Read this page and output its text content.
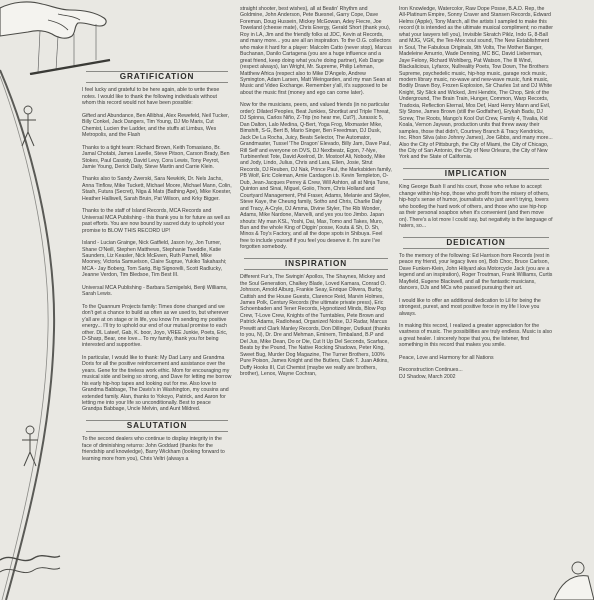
GRATIFICATION

I feel lucky and grateful to be here again, able to write these notes. I would like to thank the following individuals without whom this record would not have been possible:

Gifted and Abundance, Ben Allibhai, Alex Rewefeld, Neil Tucker, Billy Conkel, Jack Dangers, Tim Young, DJ Mo Maris, Cut Chemist, Lucien the Ladder, and the stuffs at Limbus, Wes Metropolis, and the Flash

Thanks to a tight team: Richard Brown, Keith Tomasiano, Br. Jamal Chotabi, James Lavelle, Steve Pitson, Carson Brady, Ben Stokes, Paul Cassidy, David Levy, Cora Lewis, Tony Peyrot, Jamie Young, Derick Daily, Steve Martin and Carrie Klein.

Thanks also to Sandy Zwerski, Sara Newkirk, Dr. Nels Jachs, Anna Tinflow, Mike Tuckett, Michael Moore, Michael Mann, Colin, Stash, Futura (Secret), Niga & Mats (Bathing Ape), Mike Koester, Heather Halliwell, Sarah Bruin, Pat Wilson, and Krky Bigger.

Thanks to the staff of Island Records, MCA Records and Universal MCA Publishing - this thank you is for future as well as past efforts. You are now bound by sacred duty to uphold your promise to BLOW THIS RECORD UP!

Island - Lucian Grainge, Nick Gatfield, Jason Ivy, Jon Turner, Shane O'Neill, Stephen Matthews, Stephanie Tweddle, Katie Saunders, Liz Keasler, Nick McEwen, Ruth Pamell, Mike Mooney, Victoria Samuelson, Claire Sugrue, Yukiko Takahashi; MCA - Jay Boberg, Tom Sarig, Big Signorelli, Scott Radlucky, Jeanne Verdon, Tim Bledsoe, Tim Best III.

Universal MCA Publishing - Barbara Szmigelski, Benji Williams, Sarah Lewis.

To the Quannum Projects family: Times done changed and we don't get a chance to build as often as we used to, but wherever y'all are at on stage or in life, you know I'm sending my positive energy... I'll try to uphold our end of our mutual promise to each other. DL Lateef, Gab, K. boor, Joyo, VREE Junkie, Poets, Eric, D-Sharp, Bear, one love... To my family, thank you for being interested and supportive.

In particular, I would like to thank: My Dad Larry and Grandma Doris for all the positive reinforcement and assistance over the years. Gene for the tireless work ethic. Mom for encouraging my musical side and being so strong, and Dave for letting me borrow his early hip-hop tapes and looking out for me. Also love to Grandma Babbage, The Davis's in Washington, my cousins and extended family. Alan, thanks to Yokoyo, Patrick, and Aaron for letting me into your life so unconditionally. Best to peace Grandpa Babbage, Uncle Melvin, and Aunt Mildred.

SALUTATION

To the second dealers who continue to display integrity in the face of diminishing returns: John Goddard (thanks for the friendship and knowledge), Barry Wickham (looking forward to learning more from you), Chris Veltri (always a

straight shooter, best wishes), all at Beatin' Rhythm and Goldmine, John Anderson, Pete Buesnel, Garry Cope, Dave Foreman, Doug Hussein, Mickey McGowan, Adey Fiecre, Joe Toweland (cheese mate), Chris Energy, Gerald Short (thank you), Roy in LA, Jim and the friendly folks at JDC, Kevin at Records, and many more... you are all an inspiration. To the O.G. collectors who make it hard for a player: Malcolm Catto (never stop), Marcus Buchanan, Danilo Cartagena (you are a huge influence and a great friend, keep doing what you're doing partner), Keb Darge (respect always), Ian Wright, Mr. Supreme, Philip Lehman, Matthew Africa (respect also to Mike D'Angelo, Andrew Symington, Adam Larsen, Matt Weingarden, and my man Sean at Music and Video Exchange. Remember y'all, it's supposed to be about the music first (money and ego can come later).

Now for the musicians, peers, and valued friends (in no particular order): Dilated Peoples, Beat Junkies, Shortkut and Triple Threat, DJ Spinna, Carlos Niño, Z-Trip (no hear me, Cut?), Jurassic 5, Dan Dalton, Lalo Medina, Q-Bert, Yoga Frog, Mixmaster Mike, Bimshift, S-G, Bert B, Mario Singer, Ben Freedman, DJ Dusk, Jack De La Rocha, Juicy, Beats Selector, The Automator, Grandmaster, Tussel 'The Dragon' Elevado, Billy Jam, Dave Paul, Rill Self and everyone on DVS, DJ Nextbeatz, Egon, 7-Nye, Turbinenfest Tote, David Axelrod, Dr. Mostoof Ali, Nobody, Mike and Jody, Lindo, Julius, Chris and Lara, Ellen, Josie, Strut Records, DJ Reuben, DJ Nak, Prince Paul, the Marksbiden family, PB Wolf, Eric Coleman, Arnie Cardagon i.b. Kevin Templeton, O-Dub, Jean-Jacques Perrey & Crew, Will Ashton, all at Ninja Tune, Quinton and Sinai, Miguel, Goiio, Thom, Chris Holland and Courtyard Management, Phil Fraser, Adams, Melanie and Skylee, Steve Kaye, the Cheung family, Sotho and Chris, Charlie Daly and Tracy, A-Cryle, DJ Amma, Divine Styler, The Rib Wonder, Adams, Mike Nardone, Marvelli, and yes you too Jimbo. Japan shouts: My man KSL, Yoshi, Dai, Max, Tomo and Takes, Muro, Bun and the whole King of Diggin' posse, Kouta & Sh, D. Sh, Minos & Toy's Factory, and all the dope spots in Shibuya. Feel free to include yourself if you feel you deserve it. I'm sure I've forgotten somebody.

INSPIRATION

Different Fur's, The Swingin' Apollos, The Shaynes, Mickey and the Soul Generation, Chalkey Blade, Loved Kamara, Conrad O. Johnson, Arnold Alburg, Frankie Seay, Enrique Olivera, Burby, Cattish and the House Guests, Clarence Reid, Marvin Holmes, James Polk, Century Records (the ultimate private press), Eric Schoenbaden and Tener Records, Hypnotized Minds, Blow Pop Crew, T-Love Crew, Knights of the Turntables, Pete Brown and Patrick Adams, Radiohead, Organized Noise, DJ Radar, Marcus Prewitt and Clark Manley Records, Don Dillinger, Outkast (thanks to you, N), Dr. Dre and Mehman, Eminem, Timbaland, B.P and Del Jus, Mike Dean, Do or Die, Cut It Up Del Seconds, Scarface, Beats by the Pound, The Native Rocking Shadows, Peter King, Sweet Bug, Murder Dog Magazine, The Turner Brothers, 100% Pure Poison, James Knight and the Butlers, Clark T. Juan Atkins, Duffy Hooks III, Cut Chemist (maybe we really are brothers, brother), Lenox, Wayne Cochran,

Iron Knowledge, Watercolor, Raw Dope Posse, B.A.D. Rep, the All-Platinum Empire, Sonny Craver and Stansen Records, Edward Helms (Apple), Tony March, all the artists I sampled to make this record (it is intended as the ultimate musical compliment; no matter what your lawyers tell you), Invisible Skratch Piklz, Indo G, 8-Ball and MJG, VGK, the Tex-Mex soul sound, The New Establishment in Soul, The Fabulous Originals, 9th Volts, The Mother Banger, Madeleine Amurrio, Wade Denning, MC BC, David Lieberman, Jaye Felony, Richard Wohlberg, Pat Watson, The Ill Wind, Blackalicious, Lyfarox, Nullreality Poets, Tow Down, The Brothers Supreme, psychedelic music, hip-hop music, garage rock music, modern library music, no-wave and new-wave music, funk music, Bodily Drawn Boy, Frozen Explosion, Sir Charles 1st and DJ White Knight, Sly Slick and Wicked, Jimi Hendrix, The Chop, Sink of the Underground, The Brain Train, Hunger, Common, Warp Records, Tradoxia, Reflection Eternal, Mos Def, Hard Henry Mann and Evil, Sly Stone, James Brown (still the Godfather), Erykah Badu, DJ Screw, The Roots, Mango's Kool Out Crew, Family 4, Tivalia, Kid Koala, Vernon Jaywan, production units that threw away their samples, those that didn't, Courtney Branch & Tracy Kendricks, Inc. Rhon Silva (also Johnny James), Joe Gibbs, and many more... Also the City of Pittsburgh, the City of Miami, the City of Chicago, the City of San Antonio, the City of New Orleans, the City of New York and the State of California.

IMPLICATION

King George Bush II and his court, those who refuse to accept change within hip-hop, those who profit from the misery of others, hip-hop's sense of humor, journalists who just aren't trying, lovers who bootleg the hard work of others, and those who use hip-hop as their personal soapbox when it's convenient (and then move on). There's a lot more I could say, but negativity is the language of haters, so...

DEDICATION

To the memory of the following: Ed Harrison from Records (rest in peace my friend, your legacy lives on), Bob Choc, Bruce Carlson, Dave Funken-Klein, John Hiliyard aka Motorcycle Jack (you are a legend and an inspiration), Roger Troutman, Frank Williams, Curtis Mayfield, Eugene Blackwell, and all the fantastic musicians, dancers, DJs and MCs who passed pursuing their art.

I would like to offer an additional dedication to Lil for being the strongest, purest, and most positive force in my life I love you always.

In making this record, I realized a greater appreciation for the vastness of music. The possibilities are truly endless. Music is also a great healer. I sincerely hope that you, the listener, find something in this record that makes you smile.

Peace, Love and Harmony for all Nations

Reconstruction Continues...
DJ Shadow, March 2002
